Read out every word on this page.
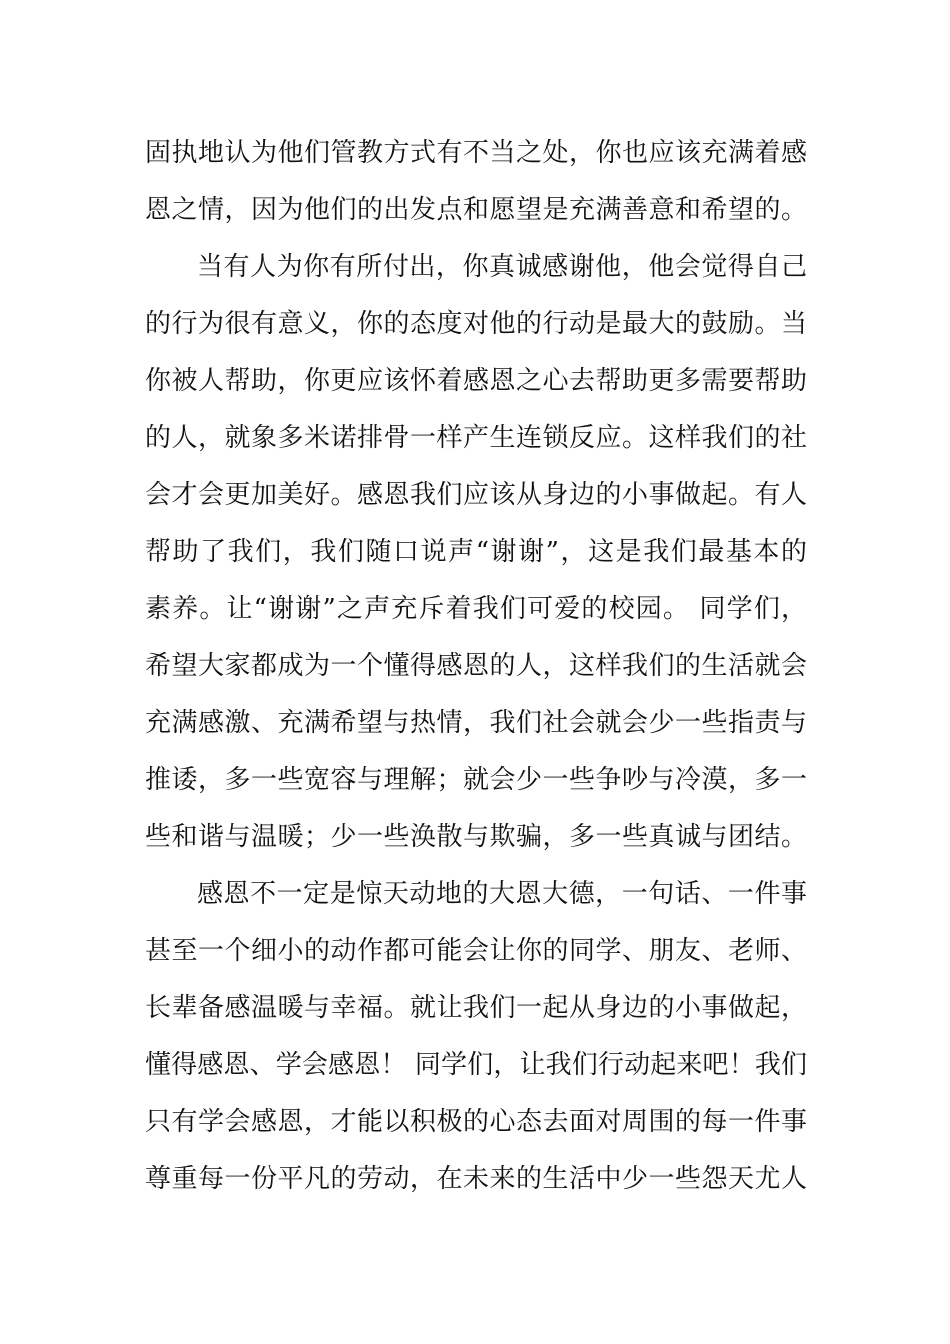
固执地认为他们管教方式有不当之处，你也应该充满着感
恩之情，因为他们的出发点和愿望是充满善意和希望的。
当有人为你有所付出，你真诚感谢他，他会觉得自己
的行为很有意义，你的态度对他的行动是最大的鼓励。当
你被人帮助，你更应该怀着感恩之心去帮助更多需要帮助
的人，就象多米诺排骨一样产生连锁反应。这样我们的社
会才会更加美好。感恩我们应该从身边的小事做起。有人
帮助了我们，我们随口说声“谢谢”，这是我们最基本的
素养。让“谢谢”之声充斥着我们可爱的校园。 同学们，
希望大家都成为一个懂得感恩的人，这样我们的生活就会
充满感激、充满希望与热情，我们社会就会少一些指责与
推诿，多一些宽容与理解；就会少一些争吵与冷漠，多一
些和谐与温暖；少一些涣散与欺骗，多一些真诚与团结。
感恩不一定是惊天动地的大恩大德，一句话、一件事
甚至一个细小的动作都可能会让你的同学、朋友、老师、
长辈备感温暖与幸福。就让我们一起从身边的小事做起，
懂得感恩、学会感恩！ 同学们，让我们行动起来吧！我们
只有学会感恩，才能以积极的心态去面对周围的每一件事
尊重每一份平凡的劳动，在未来的生活中少一些怨天尤人
